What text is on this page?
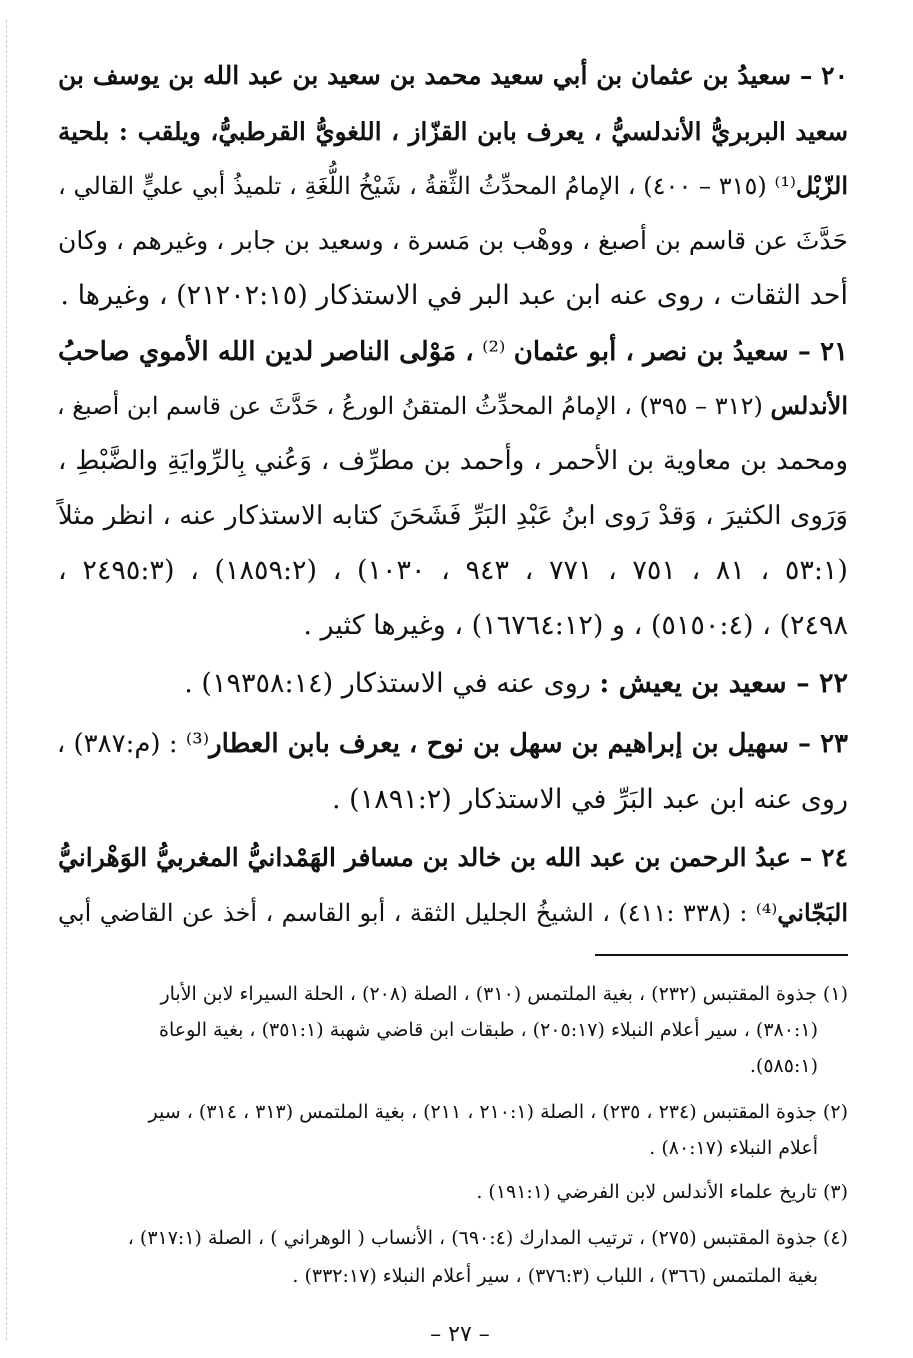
٢٠ – سعيدُ بن عثمان بن أبي سعيد محمد بن سعيد بن عبد الله بن يوسف بن
سعيد البربريُّ الأندلسيُّ ، يعرف بابن القزّاز ، اللغويُّ القرطبيُّ، ويلقب : بلحية
الزّبْل⁽¹⁾ (٣١٥ – ٤٠٠) ، الإمامُ المحدِّثُ الثِّقةُ ، شَيْخُ اللُّغَةِ ، تلميذُ أبي عليٍّ القالي ،
حَدَّثَ عن قاسم بن أصبغ ، ووهْب بن مَسرة ، وسعيد بن جابر ، وغيرهم ، وكان
أحد الثقات ، روى عنه ابن عبد البر في الاستذكار (٢١٢٠٢:١٥) ، وغيرها .
٢١ – سعيدُ بن نصر ، أبو عثمان ⁽²⁾ ، مَوْلى الناصر لدين الله الأموي صاحبُ
الأندلس (٣١٢ – ٣٩٥) ، الإمامُ المحدِّثُ المتقنُ الورعُ ، حَدَّثَ عن قاسم ابن أصبغ ،
ومحمد بن معاوية بن الأحمر ، وأحمد بن مطرِّف ، وَعُني بِالرِّوايَةِ والضَّبْطِ ،
وَرَوى الكثيرَ ، وَقدْ رَوى ابنُ عَبْدِ البَرِّ فَشَحَنَ كتابه الاستذكار عنه ، انظر مثلاً
(٥٣:١ ، ٨١ ، ٧٥١ ، ٧٧١ ، ٩٤٣ ، ١٠٣٠) ، (١٨٥٩:٢) ، (٢٤٩٥:٣ ،
٢٤٩٨) ، (٥١٥٠:٤) ، و (١٦٧٦٤:١٢) ، وغيرها كثير .
٢٢ – سعيد بن يعيش : روى عنه في الاستذكار (١٩٣٥٨:١٤) .
٢٣ – سهيل بن إبراهيم بن سهل بن نوح ، يعرف بابن العطار⁽³⁾ : (م:٣٨٧) ،
روى عنه ابن عبد البَرِّ في الاستذكار (١٨٩١:٢) .
٢٤ – عبدُ الرحمن بن عبد الله بن خالد بن مسافر الهَمْدانيُّ المغربيُّ الوَهْرانيُّ
البَجّاني⁽⁴⁾ : (٣٣٨ :٤١١) ، الشيخُ الجليل الثقة ، أبو القاسم ، أخذ عن القاضي أبي
(١) جذوة المقتبس (٢٣٢) ، بغية الملتمس (٣١٠) ، الصلة (٢٠٨) ، الحلة السيراء لابن الأبار
(٣٨٠:١) ، سير أعلام النبلاء (٢٠٥:١٧) ، طبقات ابن قاضي شهبة (٣٥١:١) ، بغية الوعاة
(٥٨٥:١).
(٢) جذوة المقتبس (٢٣٤ ، ٢٣٥) ، الصلة (٢١٠:١ ، ٢١١) ، بغية الملتمس (٣١٣ ، ٣١٤) ، سير
أعلام النبلاء (٨٠:١٧) .
(٣) تاريخ علماء الأندلس لابن الفرضي (١٩١:١) .
(٤) جذوة المقتبس (٢٧٥) ، ترتيب المدارك (٦٩٠:٤) ، الأنساب ( الوهراني ) ، الصلة (٣١٧:١) ،
بغية الملتمس (٣٦٦) ، اللباب (٣٧٦:٣) ، سير أعلام النبلاء (٣٣٢:١٧) .
– ٢٧ –
